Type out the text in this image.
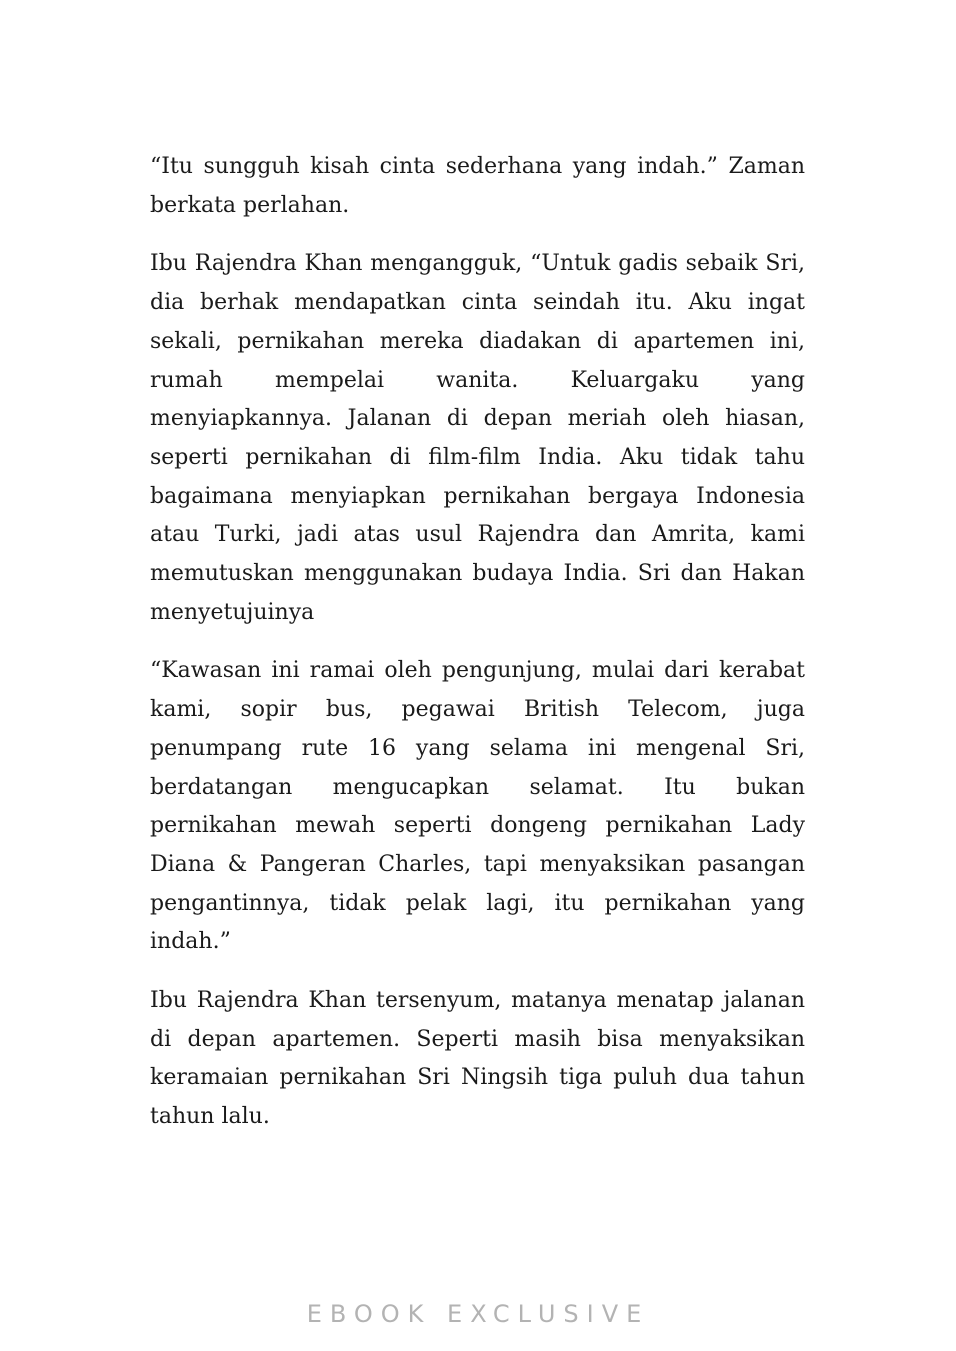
“Itu sungguh kisah cinta sederhana yang indah.” Zaman berkata perlahan.

Ibu Rajendra Khan mengangguk, “Untuk gadis sebaik Sri, dia berhak mendapatkan cinta seindah itu. Aku ingat sekali, pernikahan mereka diadakan di apartemen ini, rumah mempelai wanita. Keluargaku yang menyiapkannya. Jalanan di depan meriah oleh hiasan, seperti pernikahan di film-film India. Aku tidak tahu bagaimana menyiapkan pernikahan bergaya Indonesia atau Turki, jadi atas usul Rajendra dan Amrita, kami memutuskan menggunakan budaya India. Sri dan Hakan menyetujuinya

“Kawasan ini ramai oleh pengunjung, mulai dari kerabat kami, sopir bus, pegawai British Telecom, juga penumpang rute 16 yang selama ini mengenal Sri, berdatangan mengucapkan selamat. Itu bukan pernikahan mewah seperti dongeng pernikahan Lady Diana & Pangeran Charles, tapi menyaksikan pasangan pengantinnya, tidak pelak lagi, itu pernikahan yang indah.”

Ibu Rajendra Khan tersenyum, matanya menatap jalanan di depan apartemen. Seperti masih bisa menyaksikan keramaian pernikahan Sri Ningsih tiga puluh dua tahun tahun lalu.

EBOOK EXCLUSIVE
